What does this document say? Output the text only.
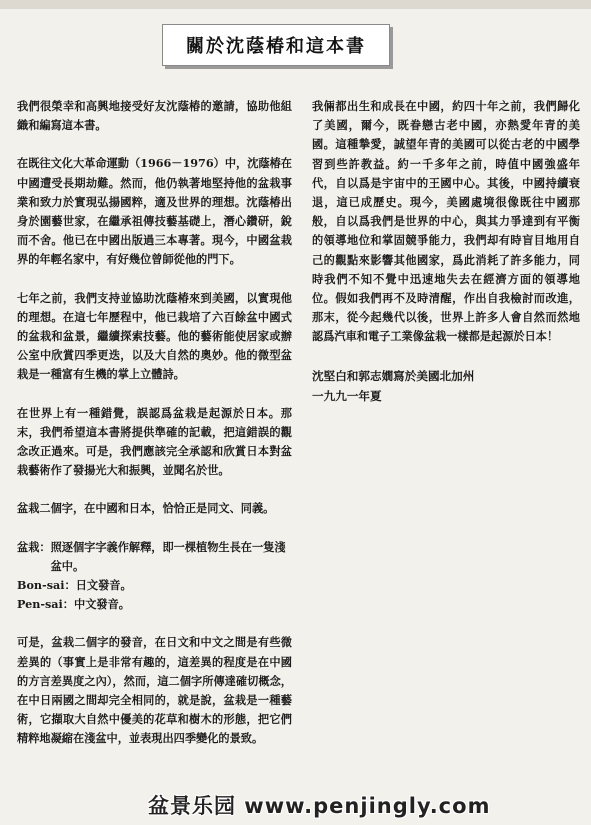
關於沈蔭椿和這本書

我們很榮幸和高興地接受好友沈蔭椿的邀請，協助他組織和編寫這本書。

在既往文化大革命運動（1966－1976）中，沈蔭椿在中國遭受長期劫難。然而，他仍執著地堅持他的盆栽事業和致力於實現弘揚國粹，適及世界的理想。沈蔭椿出身於園藝世家，在繼承祖傳技藝基礎上，潛心鑽研，銳而不舍。他已在中國出版過三本專著。現今，中國盆栽界的年輕名家中，有好幾位曾師從他的門下。

七年之前，我們支持並協助沈蔭椿來到美國，以實現他的理想。在這七年歷程中，他已栽培了六百餘盆中國式的盆栽和盆景，繼續探索技藝。他的藝術能使居家或辦公室中欣賞四季更迭，以及大自然的奧妙。他的微型盆栽是一種富有生機的掌上立體詩。

在世界上有一種錯覺，誤認爲盆栽是起源於日本。那末，我們希望這本書將提供準確的記載，把這錯誤的觀念改正過來。可是，我們應該完全承認和欣賞日本對盆栽藝術作了發揚光大和振興，並聞名於世。

盆栽二個字，在中國和日本，恰恰正是同文、同義。

盆栽： 照逐個字字義作解釋，即一棵植物生長在一隻淺盆中。
Bon-sai： 日文發音。
Pen-sai： 中文發音。

可是，盆栽二個字的發音，在日文和中文之間是有些微差異的（事實上是非常有趣的，這差異的程度是在中國的方言差異度之內），然而，這二個字所傳達確切概念，在中日兩國之間却完全相同的，就是說，盆栽是一種藝術，它擷取大自然中優美的花草和樹木的形態，把它們精粹地凝縮在淺盆中，並表現出四季變化的景致。

我倆都出生和成長在中國，約四十年之前，我們歸化了美國，爾今，既眷戀古老中國，亦熱愛年青的美國。這種摯愛，誠望年青的美國可以從古老的中國學習到些許教益。約一千多年之前，時值中國強盛年代，自以爲是宇宙中的王國中心。其後，中國持續衰退，這已成歷史。現今，美國處境很像既往中國那般，自以爲我們是世界的中心，與其力爭達到有平衡的領導地位和掌固競爭能力，我們却有時盲目地用自己的觀點來影響其他國家，爲此消耗了許多能力，同時我們不知不覺中迅速地失去在經濟方面的領導地位。假如我們再不及時清醒，作出自我檢討而改進，那末，從今起幾代以後，世界上許多人會自然而然地認爲汽車和電子工業像盆栽一樣都是起源於日本！

沈堅白和郭志嫺寫於美國北加州
一九九一年夏
盆景乐园 www.penjingly.com
